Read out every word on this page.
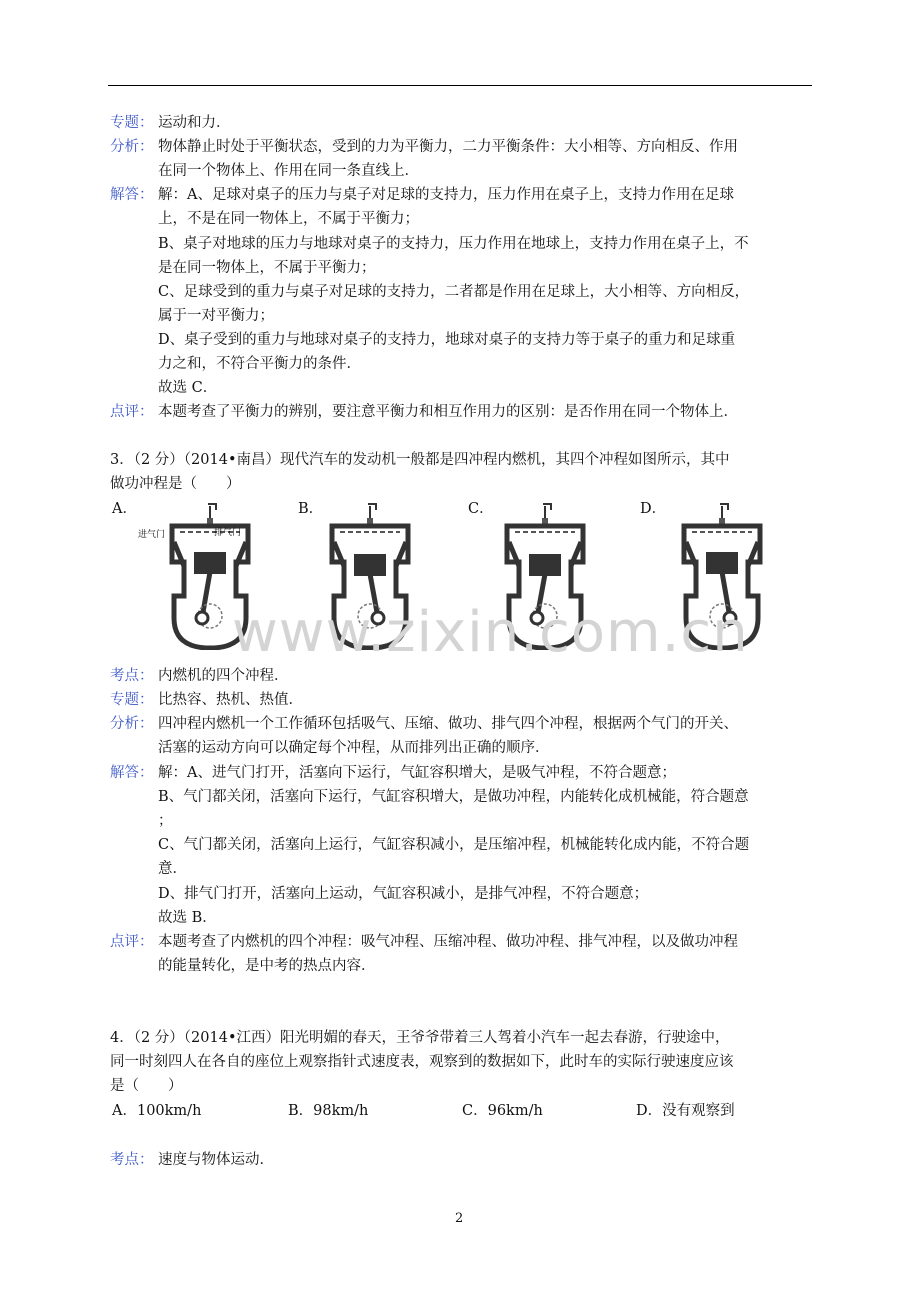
专题： 运动和力．
分析： 物体静止时处于平衡状态，受到的力为平衡力，二力平衡条件：大小相等、方向相反、作用
在同一个物体上、作用在同一条直线上．
解答： 解：A、足球对桌子的压力与桌子对足球的支持力，压力作用在桌子上，支持力作用在足球
上，不是在同一物体上，不属于平衡力；
B、桌子对地球的压力与地球对桌子的支持力，压力作用在地球上，支持力作用在桌子上，不
是在同一物体上，不属于平衡力；
C、足球受到的重力与桌子对足球的支持力，二者都是作用在足球上，大小相等、方向相反，
属于一对平衡力；
D、桌子受到的重力与地球对桌子的支持力，地球对桌子的支持力等于桌子的重力和足球重
力之和，不符合平衡力的条件．
故选 C．
点评： 本题考查了平衡力的辨别，要注意平衡力和相互作用力的区别：是否作用在同一个物体上．
3．（2 分）（2014•南昌）现代汽车的发动机一般都是四冲程内燃机，其四个冲程如图所示，其中
做功冲程是（　　）
A．	B．	C．	D．
进气门	排气门
www.zixin.com.cn
考点： 内燃机的四个冲程．
专题： 比热容、热机、热值．
分析： 四冲程内燃机一个工作循环包括吸气、压缩、做功、排气四个冲程，根据两个气门的开关、
活塞的运动方向可以确定每个冲程，从而排列出正确的顺序．
解答： 解：A、进气门打开，活塞向下运行，气缸容积增大，是吸气冲程，不符合题意；
B、气门都关闭，活塞向下运行，气缸容积增大，是做功冲程，内能转化成机械能，符合题意
；
C、气门都关闭，活塞向上运行，气缸容积减小，是压缩冲程，机械能转化成内能，不符合题
意．
D、排气门打开，活塞向上运动，气缸容积减小，是排气冲程，不符合题意；
故选 B．
点评： 本题考查了内燃机的四个冲程：吸气冲程、压缩冲程、做功冲程、排气冲程，以及做功冲程
的能量转化，是中考的热点内容．
4．（2 分）（2014•江西）阳光明媚的春天，王爷爷带着三人驾着小汽车一起去春游，行驶途中，
同一时刻四人在各自的座位上观察指针式速度表，观察到的数据如下，此时车的实际行驶速度应该
是（　　）
A．100km/h	B．98km/h	C．96km/h	D．没有观察到
考点： 速度与物体运动．
2
